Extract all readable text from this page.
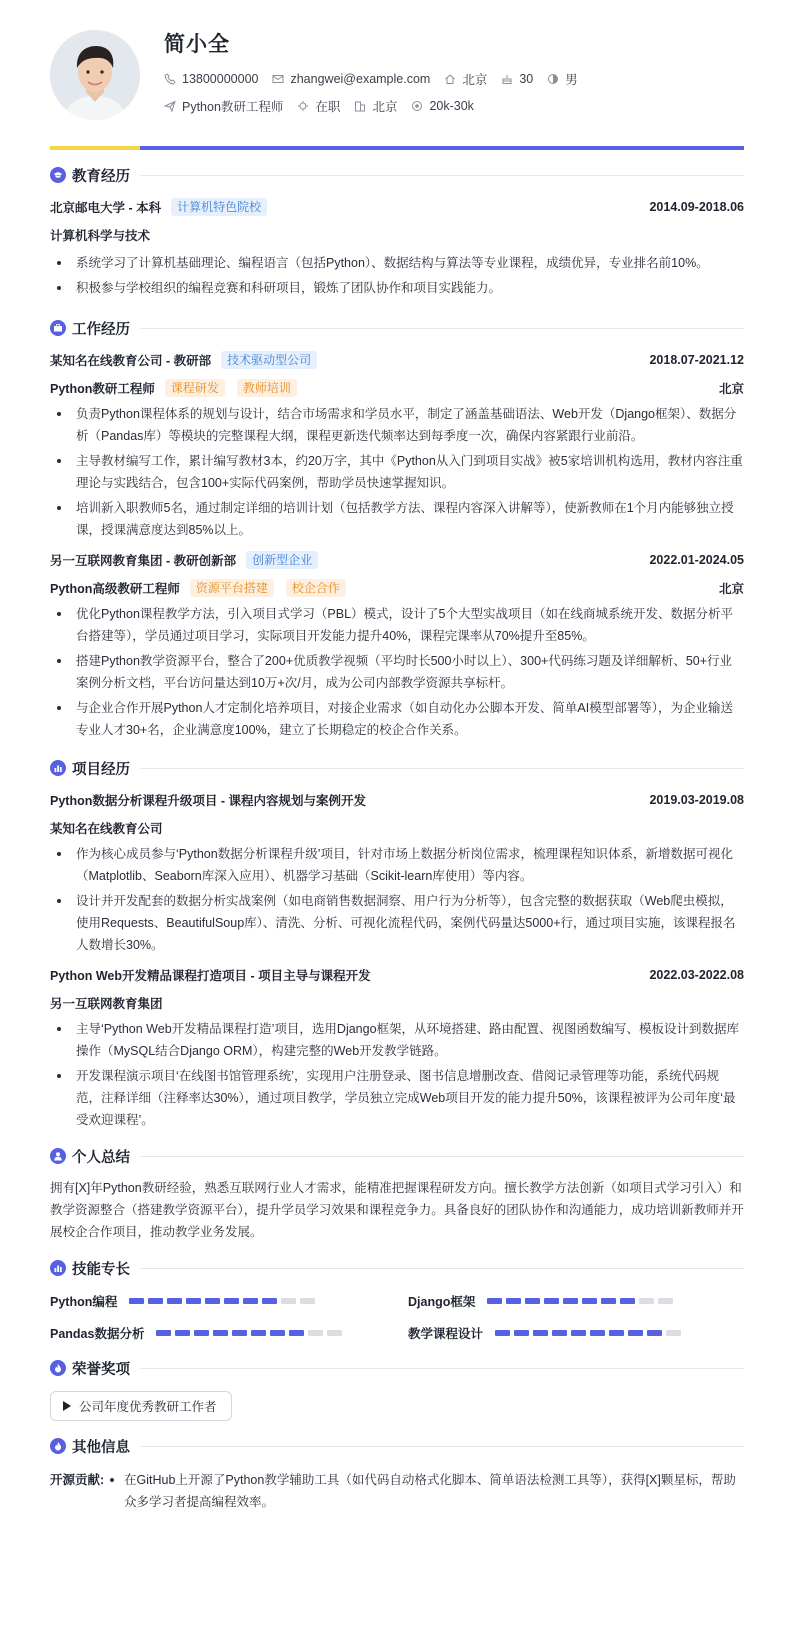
简小全
13800000000	zhangwei@example.com	北京	30	男
Python教研工程师	在职	北京	20k-30k
教育经历
北京邮电大学 - 本科	计算机特色院校	2014.09-2018.06
计算机科学与技术
系统学习了计算机基础理论、编程语言（包括Python）、数据结构与算法等专业课程，成绩优异，专业排名前10%。
积极参与学校组织的编程竞赛和科研项目，锻炼了团队协作和项目实践能力。
工作经历
某知名在线教育公司 - 教研部	技术驱动型公司	2018.07-2021.12
Python教研工程师	课程研发	教师培训	北京
负责Python课程体系的规划与设计，结合市场需求和学员水平，制定了涵盖基础语法、Web开发（Django框架）、数据分析（Pandas库）等模块的完整课程大纲，课程更新迭代频率达到每季度一次，确保内容紧跟行业前沿。
主导教材编写工作，累计编写教材3本，约20万字，其中《Python从入门到项目实战》被5家培训机构选用，教材内容注重理论与实践结合，包含100+实际代码案例，帮助学员快速掌握知识。
培训新入职教师5名，通过制定详细的培训计划（包括教学方法、课程内容深入讲解等），使新教师在1个月内能够独立授课，授课满意度达到85%以上。
另一互联网教育集团 - 教研创新部	创新型企业	2022.01-2024.05
Python高级教研工程师	资源平台搭建	校企合作	北京
优化Python课程教学方法，引入项目式学习（PBL）模式，设计了5个大型实战项目（如在线商城系统开发、数据分析平台搭建等），学员通过项目学习，实际项目开发能力提升40%，课程完课率从70%提升至85%。
搭建Python教学资源平台，整合了200+优质教学视频（平均时长500小时以上）、300+代码练习题及详细解析、50+行业案例分析文档，平台访问量达到10万+次/月，成为公司内部教学资源共享标杆。
与企业合作开展Python人才定制化培养项目，对接企业需求（如自动化办公脚本开发、简单AI模型部署等），为企业输送专业人才30+名，企业满意度100%，建立了长期稳定的校企合作关系。
项目经历
Python数据分析课程升级项目 - 课程内容规划与案例开发	2019.03-2019.08
某知名在线教育公司
作为核心成员参与‘Python数据分析课程升级’项目，针对市场上数据分析岗位需求，梳理课程知识体系，新增数据可视化（Matplotlib、Seaborn库深入应用）、机器学习基础（Scikit-learn库使用）等内容。
设计并开发配套的数据分析实战案例（如电商销售数据洞察、用户行为分析等），包含完整的数据获取（Web爬虫模拟，使用Requests、BeautifulSoup库）、清洗、分析、可视化流程代码，案例代码量达5000+行，通过项目实施，该课程报名人数增长30%。
Python Web开发精品课程打造项目 - 项目主导与课程开发	2022.03-2022.08
另一互联网教育集团
主导‘Python Web开发精品课程打造’项目，选用Django框架，从环境搭建、路由配置、视图函数编写、模板设计到数据库操作（MySQL结合Django ORM），构建完整的Web开发教学链路。
开发课程演示项目‘在线图书馆管理系统’，实现用户注册登录、图书信息增删改查、借阅记录管理等功能，系统代码规范，注释详细（注释率达30%），通过项目教学，学员独立完成Web项目开发的能力提升50%，该课程被评为公司年度‘最受欢迎课程’。
个人总结

拥有[X]年Python教研经验，熟悉互联网行业人才需求，能精准把握课程研发方向。擅长教学方法创新（如项目式学习引入）和教学资源整合（搭建教学资源平台），提升学员学习效果和课程竞争力。具备良好的团队协作和沟通能力，成功培训新教师并开展校企合作项目，推动教学业务发展。

技能专长
Python编程	Django框架
Pandas数据分析	教学课程设计
荣誉奖项
公司年度优秀教研工作者
其他信息
开源贡献:	在GitHub上开源了Python教学辅助工具（如代码自动格式化脚本、简单语法检测工具等），获得[X]颗星标，帮助众多学习者提高编程效率。
